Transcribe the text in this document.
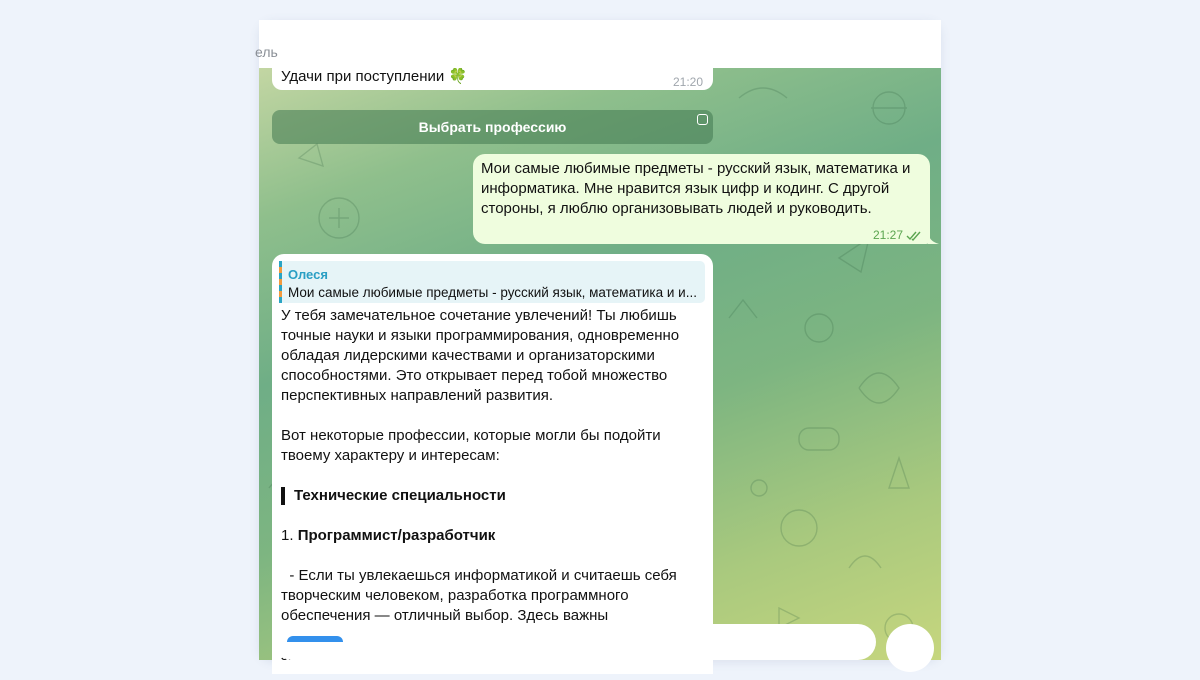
ель
Удачи при поступлении 🍀	21:20
Выбрать профессию
Мои самые любимые предметы - русский язык, математика и информатика. Мне нравится язык цифр и кодинг. С другой стороны, я люблю организовывать людей и руководить.
21:27
Олеся
Мои самые любимые предметы - русский язык, математика и и...

У тебя замечательное сочетание увлечений! Ты любишь точные науки и языки программирования, одновременно обладая лидерскими качествами и организаторскими способностями. Это открывает перед тобой множество перспективных направлений развития.

Вот некоторые профессии, которые могли бы подойти твоему характеру и интересам:

Технические специальности

1. Программист/разработчик

- Если ты увлекаешься информатикой и считаешь себя творческим человеком, разработка программного обеспечения — отличный выбор. Здесь важны
